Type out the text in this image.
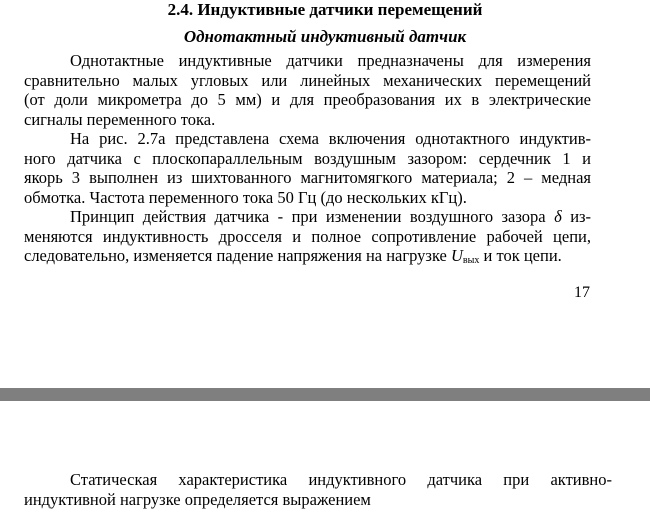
2.4. Индуктивные датчики перемещений
Однотактный индуктивный датчик

Однотактные индуктивные датчики предназначены для измерения
сравнительно малых угловых или линейных механических перемещений
(от доли микрометра до 5 мм) и для преобразования их в электрические
сигналы переменного тока.

На рис. 2.7а представлена схема включения однотактного индуктив-
ного датчика с плоскопараллельным воздушным зазором: сердечник 1 и
якорь 3 выполнен из шихтованного магнитомягкого материала; 2 – медная
обмотка. Частота переменного тока 50 Гц (до нескольких кГц).

Принцип действия датчика - при изменении воздушного зазора δ из-
меняются индуктивность дросселя и полное сопротивление рабочей цепи,
следовательно, изменяется падение напряжения на нагрузке $U_{вых}$ и ток цепи.

17

Статическая характеристика индуктивного датчика при активно-
индуктивной нагрузке определяется выражением
